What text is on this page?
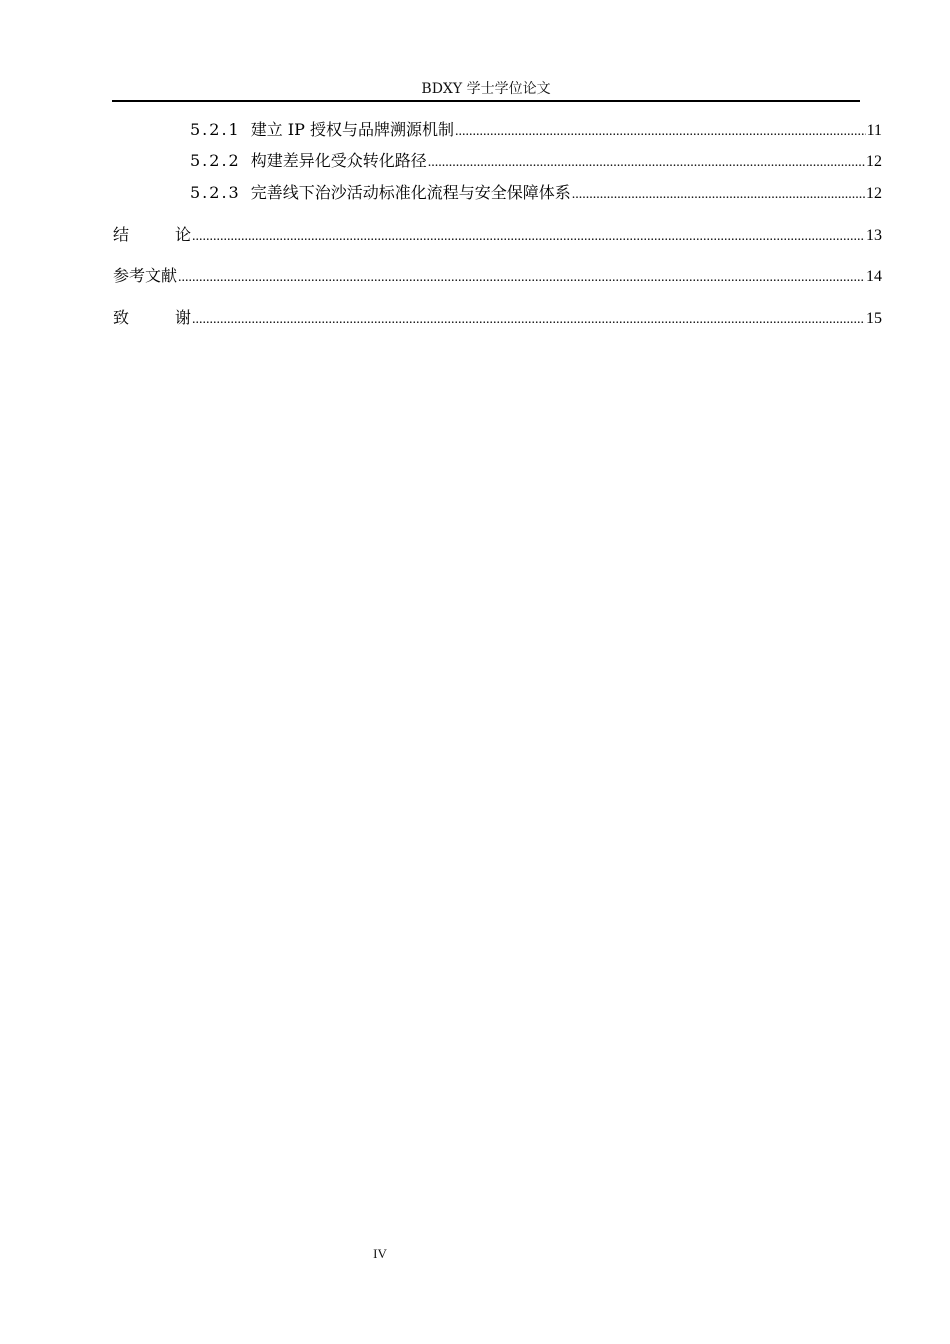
BDXY 学士学位论文
5.2.1 建立 IP 授权与品牌溯源机制 .....	11
5.2.2 构建差异化受众转化路径 .....	12
5.2.3 完善线下治沙活动标准化流程与安全保障体系 .....	12
结	论 .....	13
参考文献 .....	14
致	谢 .....	15
IV
